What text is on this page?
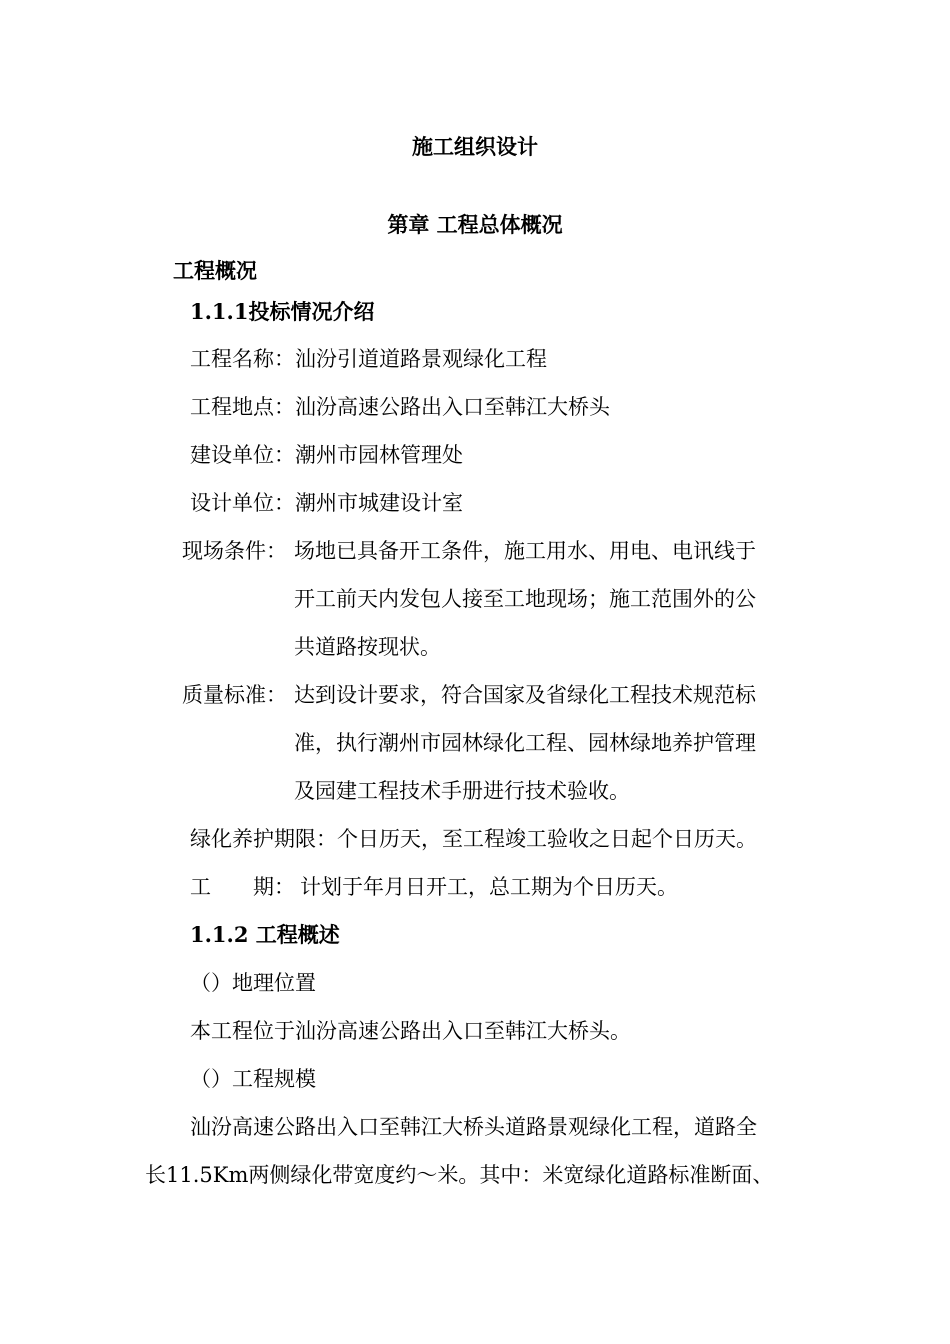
施工组织设计
第章 工程总体概况
工程概况
1.1.1投标情况介绍
工程名称：汕汾引道道路景观绿化工程
工程地点：汕汾高速公路出入口至韩江大桥头
建设单位：潮州市园林管理处
设计单位：潮州市城建设计室
现场条件： 场地已具备开工条件，施工用水、用电、电讯线于
开工前天内发包人接至工地现场；施工范围外的公
共道路按现状。
质量标准： 达到设计要求，符合国家及省绿化工程技术规范标
准，执行潮州市园林绿化工程、园林绿地养护管理
及园建工程技术手册进行技术验收。
绿化养护期限：个日历天，至工程竣工验收之日起个日历天。
工　　期： 计划于年月日开工，总工期为个日历天。
1.1.2 工程概述
（）地理位置
本工程位于汕汾高速公路出入口至韩江大桥头。
（）工程规模
汕汾高速公路出入口至韩江大桥头道路景观绿化工程，道路全
长11.5Km两侧绿化带宽度约～米。其中：米宽绿化道路标准断面、
